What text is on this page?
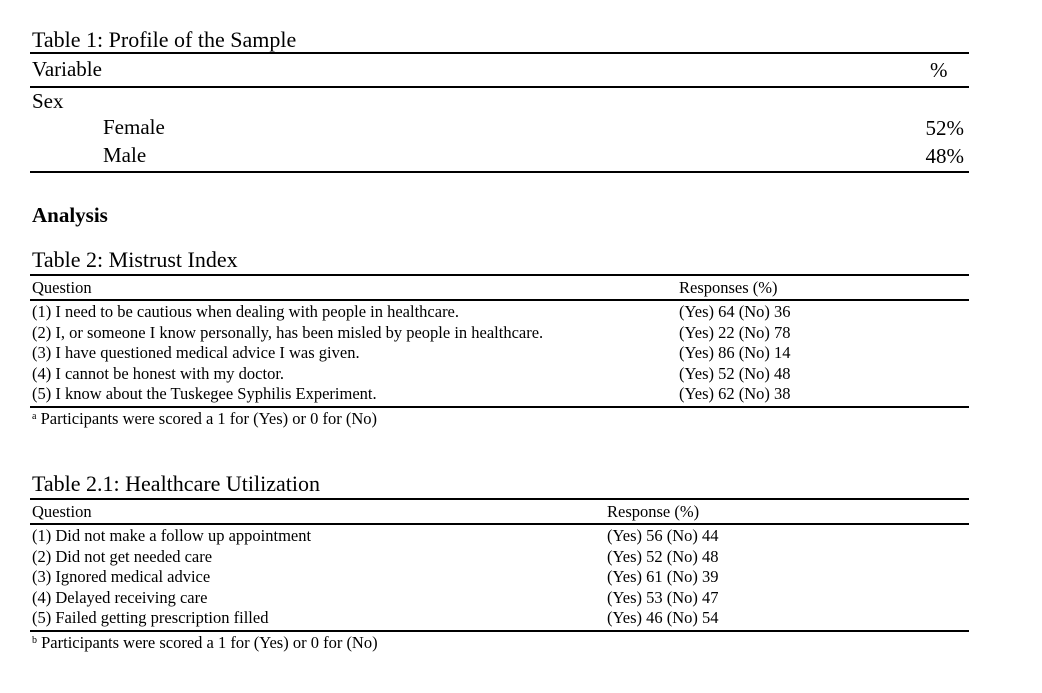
Table 1: Profile of the Sample
Variable	%
Sex
Female	52%
Male	48%
Analysis
Table 2: Mistrust Index
Question	Responses (%)
(1) I need to be cautious when dealing with people in healthcare.	(Yes) 64 (No) 36
(2) I, or someone I know personally, has been misled by people in healthcare.	(Yes) 22 (No) 78
(3) I have questioned medical advice I was given.	(Yes) 86 (No) 14
(4) I cannot be honest with my doctor.	(Yes) 52 (No) 48
(5) I know about the Tuskegee Syphilis Experiment.	(Yes) 62 (No) 38
$^a$ Participants were scored a 1 for (Yes) or 0 for (No)
Table 2.1: Healthcare Utilization
Question	Response (%)
(1) Did not make a follow up appointment	(Yes) 56 (No) 44
(2) Did not get needed care	(Yes) 52 (No) 48
(3) Ignored medical advice	(Yes) 61 (No) 39
(4) Delayed receiving care	(Yes) 53 (No) 47
(5) Failed getting prescription filled	(Yes) 46 (No) 54
$^b$ Participants were scored a 1 for (Yes) or 0 for (No)
